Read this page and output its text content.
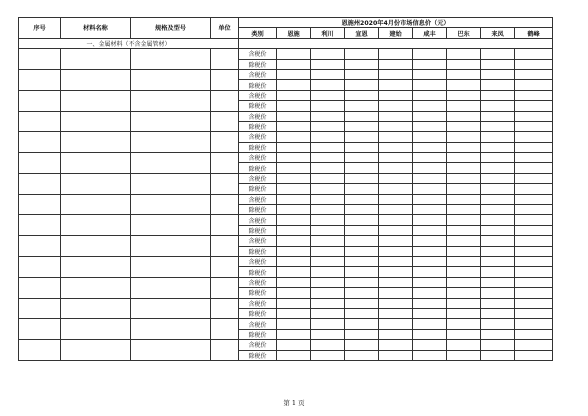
序号	材料名称	规格及型号	单位	恩施州2020年4月份市场信息价（元）								
				类别	恩施	利川	宣恩	建始	咸丰	巴东	来凤	鹤峰
一、金属材料（不含金属管材）												
				含税价								
				除税价								
				含税价								
				除税价								
				含税价								
				除税价								
				含税价								
				除税价								
				含税价								
				除税价								
				含税价								
				除税价								
				含税价								
				除税价								
				含税价								
				除税价								
				含税价								
				除税价								
				含税价								
				除税价								
				含税价								
				除税价								
				含税价								
				除税价								
				含税价								
				除税价								
				含税价								
				除税价								
				含税价								
				除税价								
第 1 页
